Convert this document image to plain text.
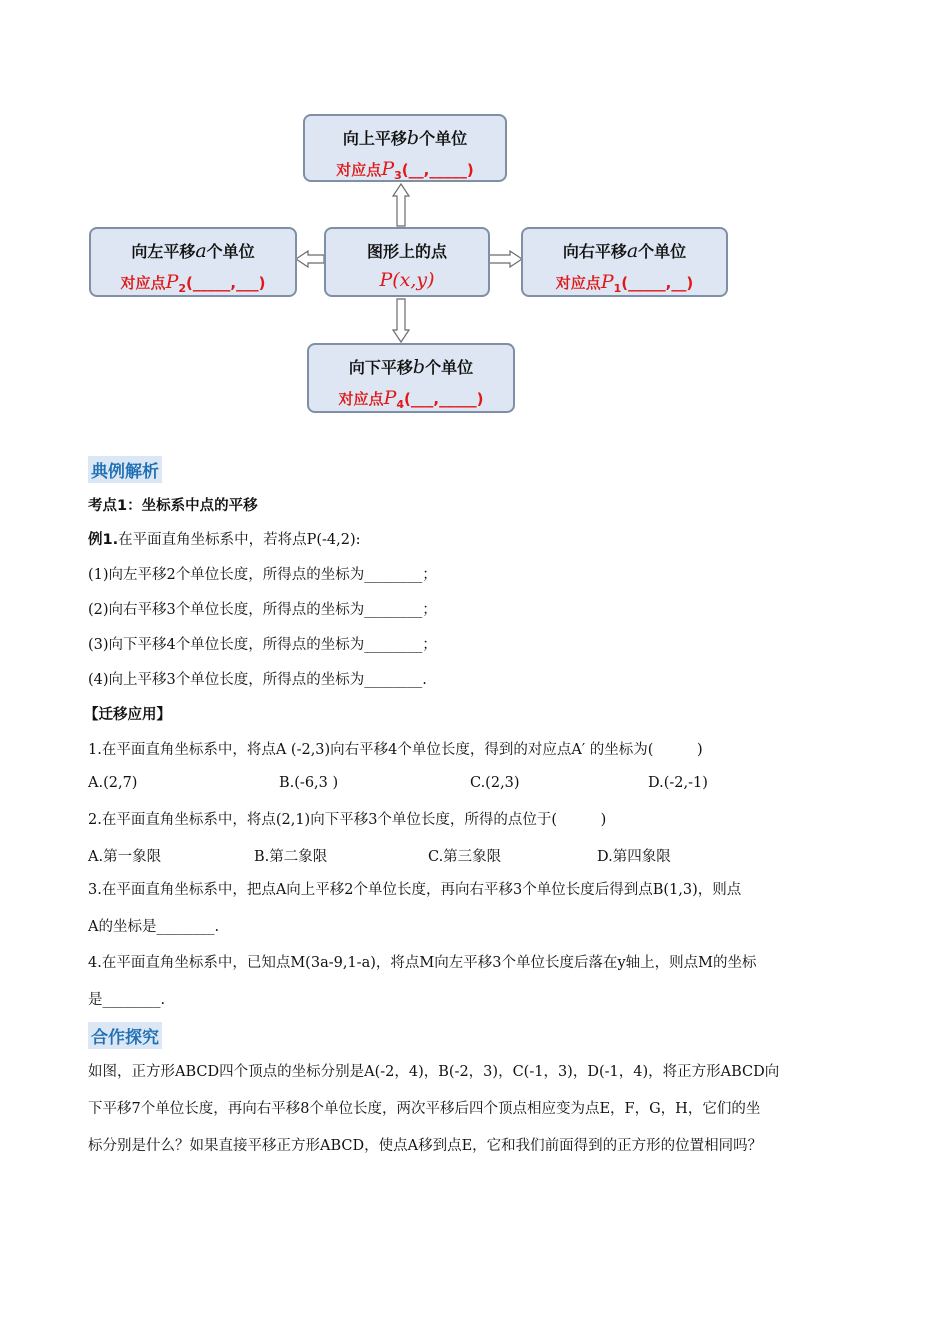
向上平移b个单位
对应点$P_3(\_\_,\_\_\_\_\_)$
向左平移a个单位
对应点$P_2(\_\_\_\_\_,\_\_\_)$
图形上的点
P(x,y)
向右平移a个单位
对应点$P_1(\_\_\_\_\_,\_\_)$
向下平移b个单位
对应点$P_4(\_\_\_,\_\_\_\_\_)$
典例解析
考点1：坐标系中点的平移
例1.在平面直角坐标系中，若将点P(-4,2):
(1)向左平移2个单位长度，所得点的坐标为________；
(2)向右平移3个单位长度，所得点的坐标为________；
(3)向下平移4个单位长度，所得点的坐标为________；
(4)向上平移3个单位长度，所得点的坐标为________.
【迁移应用】
1.在平面直角坐标系中，将点A (-2,3)向右平移4个单位长度，得到的对应点A′ 的坐标为(　　　)
A.(2,7)	B.(-6,3 )	C.(2,3)	D.(-2,-1)
2.在平面直角坐标系中，将点(2,1)向下平移3个单位长度，所得的点位于(　　　)
A.第一象限	B.第二象限	C.第三象限	D.第四象限
3.在平面直角坐标系中，把点A向上平移2个单位长度，再向右平移3个单位长度后得到点B(1,3)，则点
A的坐标是________.
4.在平面直角坐标系中，已知点M(3a-9,1-a)，将点M向左平移3个单位长度后落在y轴上，则点M的坐标
是________.
合作探究
如图，正方形ABCD四个顶点的坐标分别是A(-2，4)，B(-2，3)，C(-1，3)，D(-1，4)，将正方形ABCD向
下平移7个单位长度，再向右平移8个单位长度，两次平移后四个顶点相应变为点E，F，G，H，它们的坐
标分别是什么？如果直接平移正方形ABCD，使点A移到点E，它和我们前面得到的正方形的位置相同吗？
